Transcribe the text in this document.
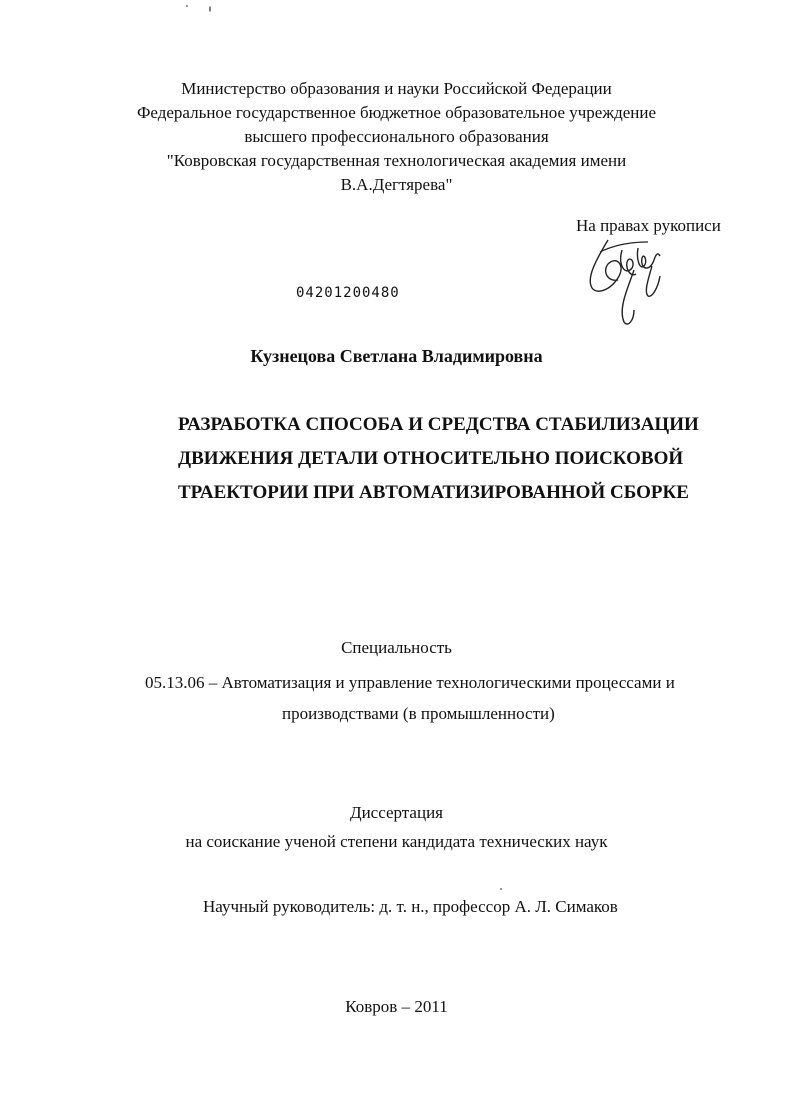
Министерство образования и науки Российской Федерации
Федеральное государственное бюджетное образовательное учреждение
высшего профессионального образования
"Ковровская государственная технологическая академия имени
В.А.Дегтярева"
На правах рукописи
04201200480
Кузнецова Светлана Владимировна
РАЗРАБОТКА СПОСОБА И СРЕДСТВА СТАБИЛИЗАЦИИ
ДВИЖЕНИЯ ДЕТАЛИ ОТНОСИТЕЛЬНО ПОИСКОВОЙ
ТРАЕКТОРИИ ПРИ АВТОМАТИЗИРОВАННОЙ СБОРКЕ
Специальность
05.13.06 – Автоматизация и управление технологическими процессами и
производствами (в промышленности)
Диссертация
на соискание ученой степени кандидата технических наук
Научный руководитель: д. т. н., профессор А. Л. Симаков
Ковров – 2011
